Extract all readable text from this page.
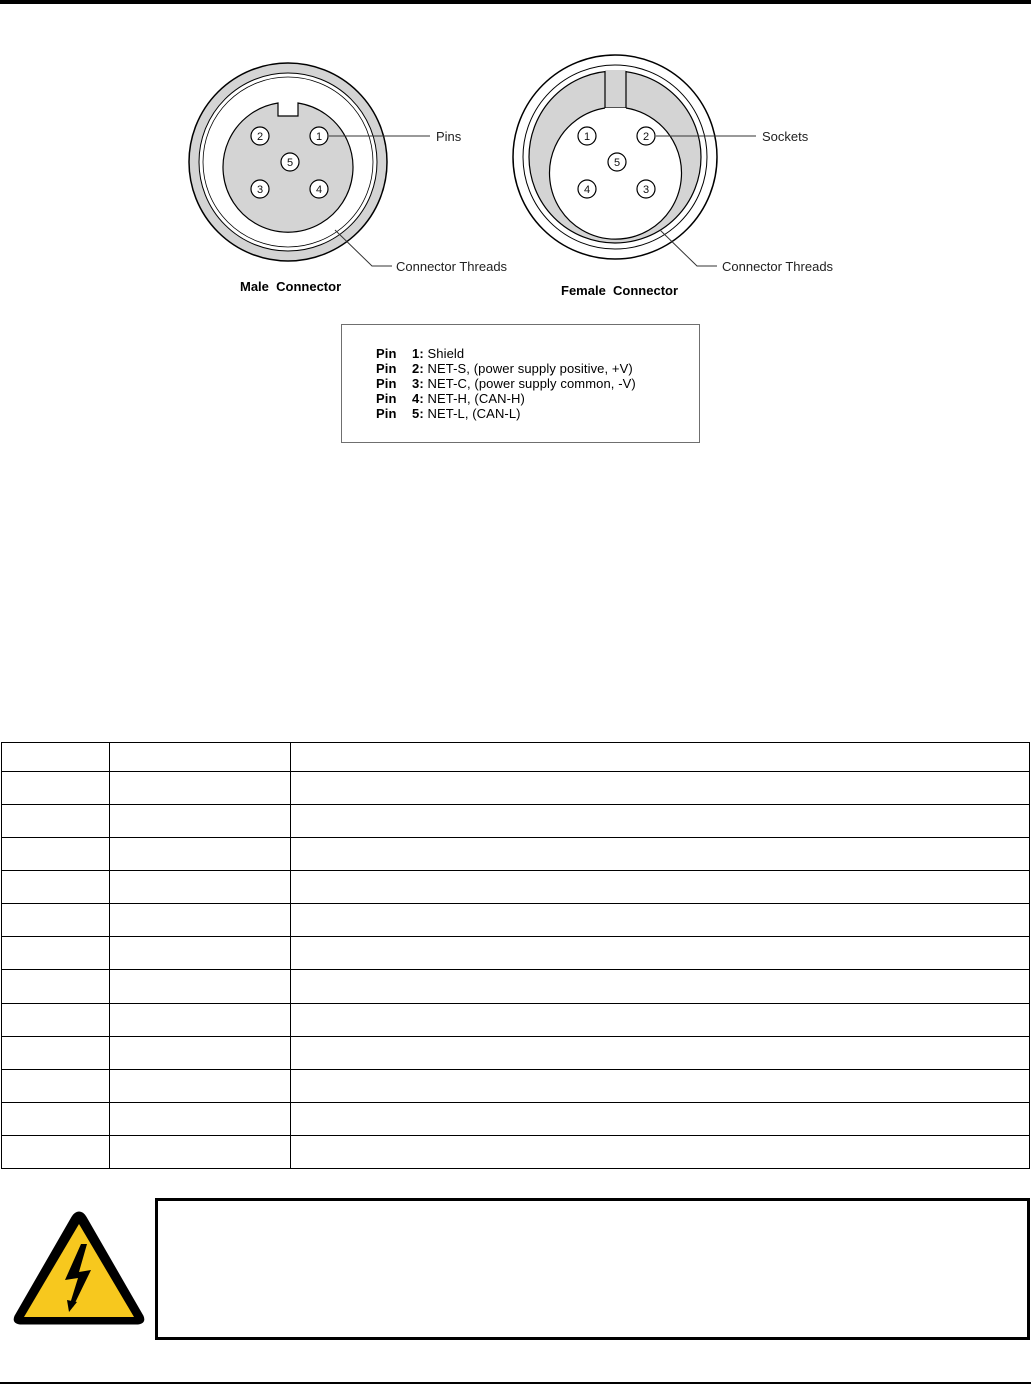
2	1
5
3	4
Pins
Connector Threads
Male  Connector
1	2
5
4	3
Sockets
Connector Threads
Female  Connector
Pin 1: Shield
Pin 2: NET-S, (power supply positive, +V)
Pin 3: NET-C, (power supply common, -V)
Pin 4: NET-H, (CAN-H)
Pin 5: NET-L, (CAN-L)
